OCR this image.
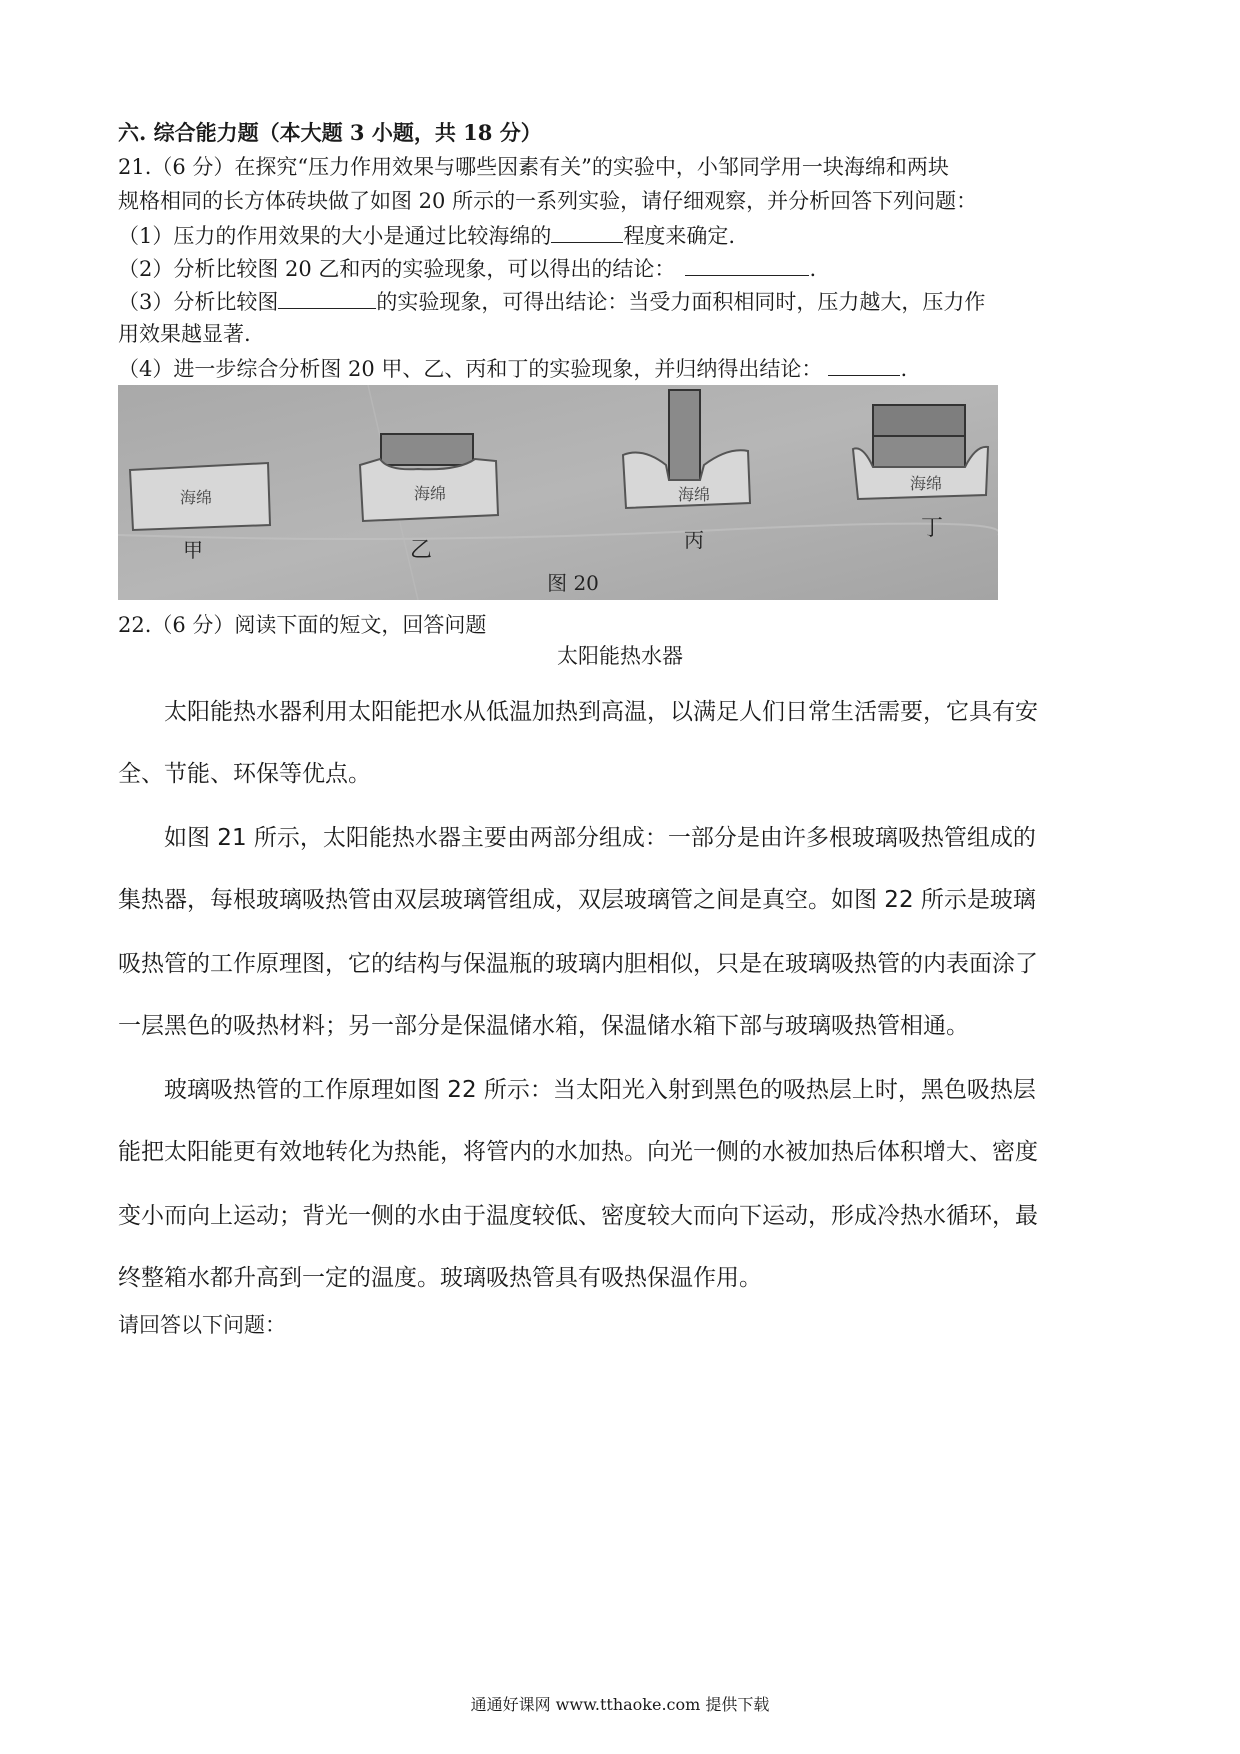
六. 综合能力题（本大题 3 小题，共 18 分）
21.（6 分）在探究“压力作用效果与哪些因素有关”的实验中，小邹同学用一块海绵和两块
规格相同的长方体砖块做了如图 20 所示的一系列实验，请仔细观察，并分析回答下列问题：
（1）压力的作用效果的大小是通过比较海绵的	程度来确定.
（2）分析比较图 20 乙和丙的实验现象，可以得出的结论：	.
（3）分析比较图	的实验现象，可得出结论：当受力面积相同时，压力越大，压力作
用效果越显著.
（4）进一步综合分析图 20 甲、乙、丙和丁的实验现象，并归纳得出结论：	.
海绵
甲
海绵
乙
海绵
丙
海绵
丁
图 20
22.（6 分）阅读下面的短文，回答问题
太阳能热水器
　　太阳能热水器利用太阳能把水从低温加热到高温，以满足人们日常生活需要，它具有安
全、节能、环保等优点。
　　如图 21 所示，太阳能热水器主要由两部分组成：一部分是由许多根玻璃吸热管组成的
集热器，每根玻璃吸热管由双层玻璃管组成，双层玻璃管之间是真空。如图 22 所示是玻璃
吸热管的工作原理图，它的结构与保温瓶的玻璃内胆相似，只是在玻璃吸热管的内表面涂了
一层黑色的吸热材料；另一部分是保温储水箱，保温储水箱下部与玻璃吸热管相通。
　　玻璃吸热管的工作原理如图 22 所示：当太阳光入射到黑色的吸热层上时，黑色吸热层
能把太阳能更有效地转化为热能，将管内的水加热。向光一侧的水被加热后体积增大、密度
变小而向上运动；背光一侧的水由于温度较低、密度较大而向下运动，形成冷热水循环，最
终整箱水都升高到一定的温度。玻璃吸热管具有吸热保温作用。
请回答以下问题：
通通好课网 www.tthaoke.com 提供下载
